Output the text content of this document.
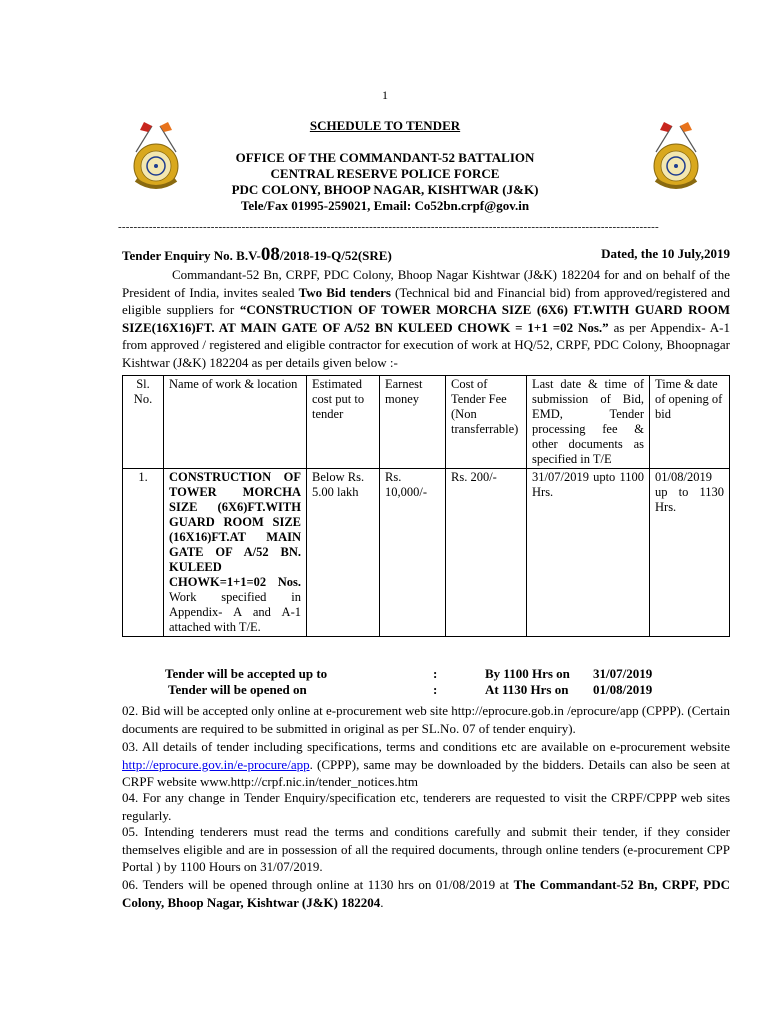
1
SCHEDULE TO TENDER
OFFICE OF THE COMMANDANT-52 BATTALION
CENTRAL RESERVE POLICE FORCE
PDC COLONY, BHOOP NAGAR, KISHTWAR (J&K)
Tele/Fax 01995-259021, Email: Co52bn.crpf@gov.in
--------------------------------------------------------------------------------------------------------------------------------------------
Tender Enquiry No. B.V-08/2018-19-Q/52(SRE)	Dated, the 10 July,2019
Commandant-52 Bn, CRPF, PDC Colony, Bhoop Nagar Kishtwar (J&K) 182204 for and on behalf of the President of India, invites sealed Two Bid tenders (Technical bid and Financial bid) from approved/registered and eligible suppliers for “CONSTRUCTION OF TOWER MORCHA SIZE (6X6) FT.WITH GUARD ROOM SIZE(16X16)FT. AT MAIN GATE OF A/52 BN KULEED CHOWK = 1+1 =02 Nos.” as per Appendix- A-1 from approved / registered and eligible contractor for execution of work at HQ/52, CRPF, PDC Colony, Bhoopnagar Kishtwar (J&K) 182204 as per details given below :-
Sl. No.	Name of work & location	Estimated cost put to tender	Earnest money	Cost of Tender Fee (Non transferrable)	Last date & time of submission of Bid, EMD, Tender processing fee & other documents as specified in T/E	Time & date of opening of bid
1.	CONSTRUCTION OF TOWER MORCHA SIZE (6X6)FT.WITH GUARD ROOM SIZE (16X16)FT.AT MAIN GATE OF A/52 BN. KULEED CHOWK=1+1=02 Nos. Work specified in Appendix- A and A-1 attached with T/E.	Below Rs. 5.00 lakh	Rs. 10,000/-	Rs. 200/-	31/07/2019 upto 1100 Hrs.	01/08/2019 up to 1130 Hrs.
Tender will be accepted up to	:	By 1100 Hrs on 31/07/2019
Tender will be opened on	:	At 1130 Hrs on 01/08/2019
02. Bid will be accepted only online at e-procurement web site http://eprocure.gob.in /eprocure/app (CPPP). (Certain documents are required to be submitted in original as per SL.No. 07 of tender enquiry).
03. All details of tender including specifications, terms and conditions etc are available on e-procurement website http://eprocure.gov.in/e-procure/app. (CPPP), same may be downloaded by the bidders. Details can also be seen at CRPF website www.http://crpf.nic.in/tender_notices.htm
04. For any change in Tender Enquiry/specification etc, tenderers are requested to visit the CRPF/CPPP web sites regularly.
05. Intending tenderers must read the terms and conditions carefully and submit their tender, if they consider themselves eligible and are in possession of all the required documents, through online tenders (e-procurement CPP Portal ) by 1100 Hours on 31/07/2019.
06. Tenders will be opened through online at 1130 hrs on 01/08/2019 at The Commandant-52 Bn, CRPF, PDC Colony, Bhoop Nagar, Kishtwar (J&K) 182204.
